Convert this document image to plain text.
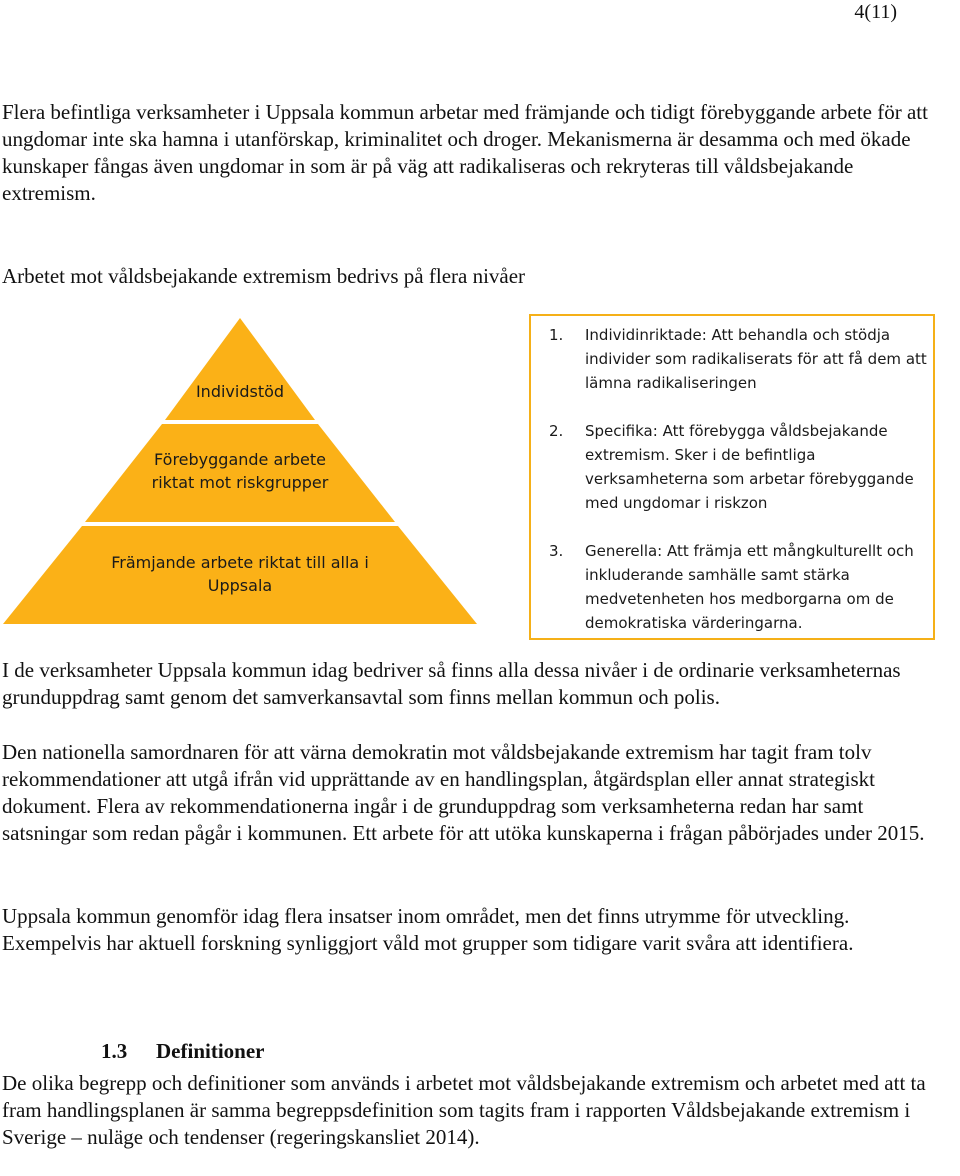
4(11)

Flera befintliga verksamheter i Uppsala kommun arbetar med främjande och tidigt förebyggande arbete för att ungdomar inte ska hamna i utanförskap, kriminalitet och droger. Mekanismerna är desamma och med ökade kunskaper fångas även ungdomar in som är på väg att radikaliseras och rekryteras till våldsbejakande extremism.

Arbetet mot våldsbejakande extremism bedrivs på flera nivåer

Individstöd
Förebyggande arbete riktat mot riskgrupper
Främjande arbete riktat till alla i Uppsala
1.	Individinriktade: Att behandla och stödja individer som radikaliserats för att få dem att lämna radikaliseringen
2.	Specifika: Att förebygga våldsbejakande extremism. Sker i de befintliga verksamheterna som arbetar förebyggande med ungdomar i riskzon
3.	Generella: Att främja ett mångkulturellt och inkluderande samhälle samt stärka medvetenheten hos medborgarna om de demokratiska värderingarna.

I de verksamheter Uppsala kommun idag bedriver så finns alla dessa nivåer i de ordinarie verksamheternas grunduppdrag samt genom det samverkansavtal som finns mellan kommun och polis.

Den nationella samordnaren för att värna demokratin mot våldsbejakande extremism har tagit fram tolv rekommendationer att utgå ifrån vid upprättande av en handlingsplan, åtgärdsplan eller annat strategiskt dokument. Flera av rekommendationerna ingår i de grunduppdrag som verksamheterna redan har samt satsningar som redan pågår i kommunen. Ett arbete för att utöka kunskaperna i frågan påbörjades under 2015.

Uppsala kommun genomför idag flera insatser inom området, men det finns utrymme för utveckling. Exempelvis har aktuell forskning synliggjort våld mot grupper som tidigare varit svåra att identifiera.

1.3 Definitioner

De olika begrepp och definitioner som används i arbetet mot våldsbejakande extremism och arbetet med att ta fram handlingsplanen är samma begreppsdefinition som tagits fram i rapporten Våldsbejakande extremism i Sverige – nuläge och tendenser (regeringskansliet 2014).
